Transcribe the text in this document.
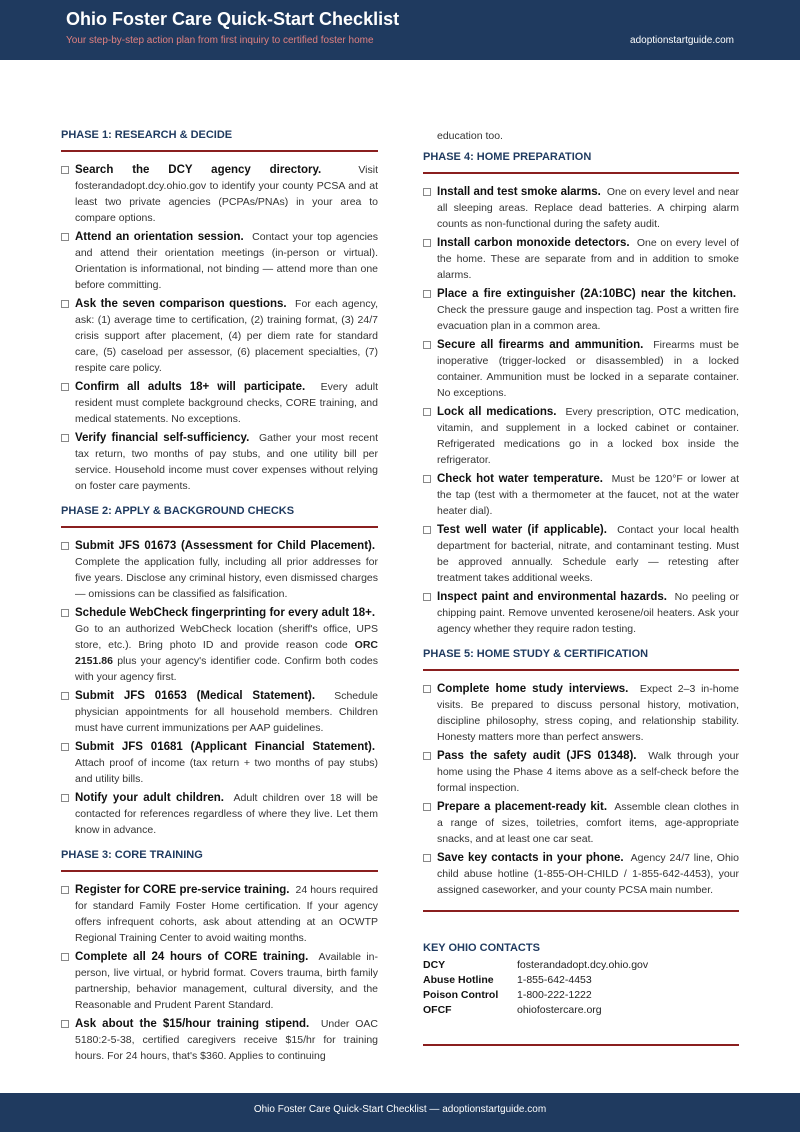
Ohio Foster Care Quick-Start Checklist
Your step-by-step action plan from first inquiry to certified foster home	adoptionstartguide.com
PHASE 1: RESEARCH & DECIDE
Search the DCY agency directory.	Visit fosterandadopt.dcy.ohio.gov to identify your county PCSA and at least two private agencies (PCPAs/PNAs) in your area to compare options.
Attend an orientation session. Contact your top agencies and attend their orientation meetings (in-person or virtual). Orientation is informational, not binding — attend more than one before committing.
Ask the seven comparison questions. For each agency, ask: (1) average time to certification, (2) training format, (3) 24/7 crisis support after placement, (4) per diem rate for standard care, (5) caseload per assessor, (6) placement specialties, (7) respite care policy.
Confirm all adults 18+ will participate. Every adult resident must complete background checks, CORE training, and medical statements. No exceptions.
Verify financial self-sufficiency. Gather your most recent tax return, two months of pay stubs, and one utility bill per service. Household income must cover expenses without relying on foster care payments.
PHASE 2: APPLY & BACKGROUND CHECKS
Submit JFS 01673 (Assessment for Child Placement).  Complete the application fully, including all prior addresses for five years. Disclose any criminal history, even dismissed charges — omissions can be classified as falsification.
Schedule WebCheck fingerprinting for every adult 18+.  Go to an authorized WebCheck location (sheriff's office, UPS store, etc.). Bring photo ID and provide reason code ORC 2151.86 plus your agency's identifier code. Confirm both codes with your agency first.
Submit JFS 01653 (Medical Statement). Schedule physician appointments for all household members. Children must have current immunizations per AAP guidelines.
Submit JFS 01681 (Applicant Financial Statement).  Attach proof of income (tax return + two months of pay stubs) and utility bills.
Notify your adult children. Adult children over 18 will be contacted for references regardless of where they live. Let them know in advance.
PHASE 3: CORE TRAINING
Register for CORE pre-service training. 24 hours required for standard Family Foster Home certification. If your agency offers infrequent cohorts, ask about attending at an OCWTP Regional Training Center to avoid waiting months.
Complete all 24 hours of CORE training. Available in-person, live virtual, or hybrid format. Covers trauma, birth family partnership, behavior management, cultural diversity, and the Reasonable and Prudent Parent Standard.
Ask about the $15/hour training stipend. Under OAC 5180:2-5-38, certified caregivers receive $15/hr for training hours. For 24 hours, that's $360. Applies to continuing
education too.
PHASE 4: HOME PREPARATION
Install and test smoke alarms. One on every level and near all sleeping areas. Replace dead batteries. A chirping alarm counts as non-functional during the safety audit.
Install carbon monoxide detectors. One on every level of the home. These are separate from and in addition to smoke alarms.
Place a fire extinguisher (2A:10BC) near the kitchen.  Check the pressure gauge and inspection tag. Post a written fire evacuation plan in a common area.
Secure all firearms and ammunition. Firearms must be inoperative (trigger-locked or disassembled) in a locked container. Ammunition must be locked in a separate container. No exceptions.
Lock all medications. Every prescription, OTC medication, vitamin, and supplement in a locked cabinet or container. Refrigerated medications go in a locked box inside the refrigerator.
Check hot water temperature. Must be 120°F or lower at the tap (test with a thermometer at the faucet, not at the water heater dial).
Test well water (if applicable). Contact your local health department for bacterial, nitrate, and contaminant testing. Must be approved annually. Schedule early — retesting after treatment takes additional weeks.
Inspect paint and environmental hazards. No peeling or chipping paint. Remove unvented kerosene/oil heaters. Ask your agency whether they require radon testing.
PHASE 5: HOME STUDY & CERTIFICATION
Complete home study interviews. Expect 2–3 in-home visits. Be prepared to discuss personal history, motivation, discipline philosophy, stress coping, and relationship stability. Honesty matters more than perfect answers.
Pass the safety audit (JFS 01348). Walk through your home using the Phase 4 items above as a self-check before the formal inspection.
Prepare a placement-ready kit. Assemble clean clothes in a range of sizes, toiletries, comfort items, age-appropriate snacks, and at least one car seat.
Save key contacts in your phone. Agency 24/7 line, Ohio child abuse hotline (1-855-OH-CHILD / 1-855-642-4453), your assigned caseworker, and your county PCSA main number.
KEY OHIO CONTACTS
DCY	fosterandadopt.dcy.ohio.gov
Abuse Hotline	1-855-642-4453
Poison Control	1-800-222-1222
OFCF	ohiofostercare.org
Ohio Foster Care Quick-Start Checklist — adoptionstartguide.com
